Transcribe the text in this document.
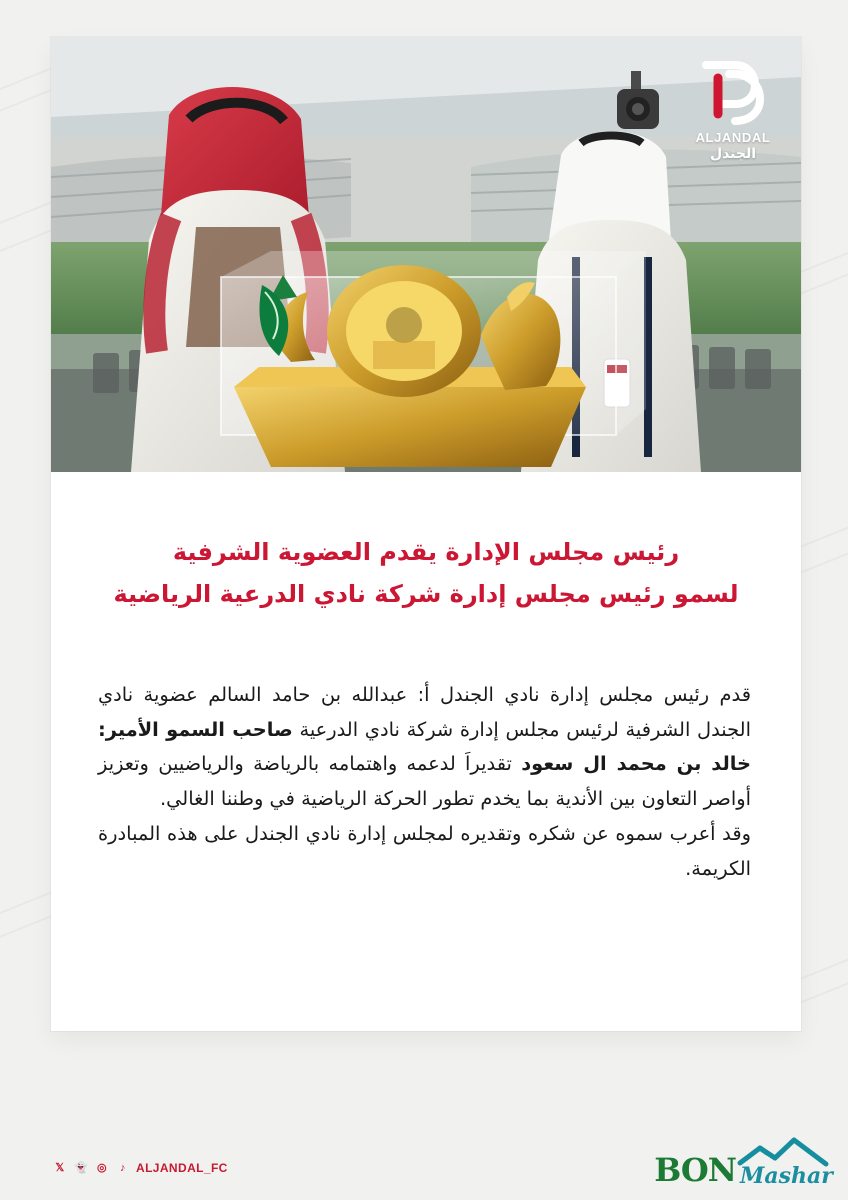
ALJANDAL
الجندل
رئيس مجلس الإدارة يقدم العضوية الشرفية
لسمو رئيس مجلس إدارة شركة نادي الدرعية الرياضية

قدم رئيس مجلس إدارة نادي الجندل أ: عبدالله بن حامد السالم عضوية نادي الجندل الشرفية لرئيس مجلس إدارة شركة نادي الدرعية صاحب السمو الأمير: خالد بن محمد ال سعود تقديراَ لدعمه واهتمامه بالرياضة والرياضيين وتعزيز أواصر التعاون بين الأندية بما يخدم تطور الحركة الرياضية في وطننا الغالي.

وقد أعرب سموه عن شكره وتقديره لمجلس إدارة نادي الجندل على هذه المبادرة الكريمة.

𝕏 👻 ◎	♪ ALJANDAL_FC	BON Mashar
